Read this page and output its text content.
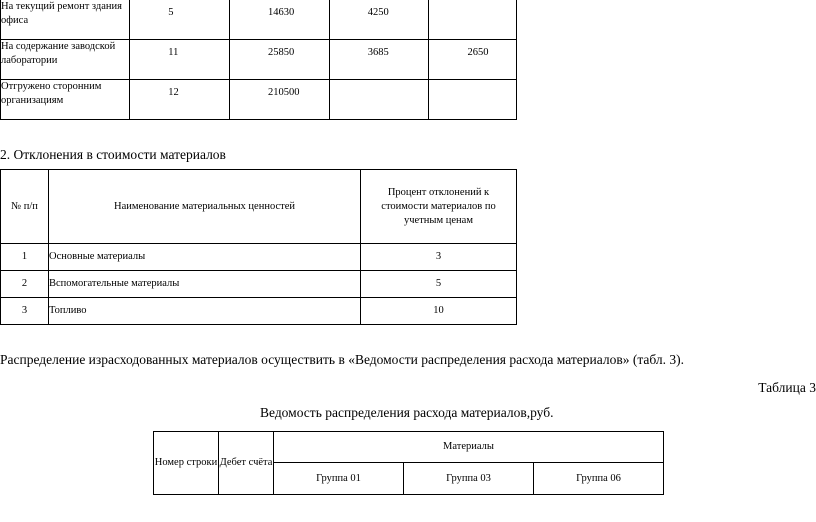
На текущий ремонт здания офиса	5	14630	4250	
На содержание заводской лаборатории	11	25850	3685	2650
Отгружено сторонним организациям	12	210500		
2. Отклонения в стоимости материалов
№ п/п	Наименование материальных ценностей	Процент отклонений к стоимости материалов по учетным ценам
1	Основные материалы	3
2	Вспомогательные материалы	5
3	Топливо	10
Распределение израсходованных материалов осуществить в «Ведомости распределения расхода материалов» (табл. 3).
Таблица 3
Ведомость распределения расхода материалов,руб.
Номер строки	Дебет счёта	Материалы		
		Группа 01	Группа 03	Группа 06
